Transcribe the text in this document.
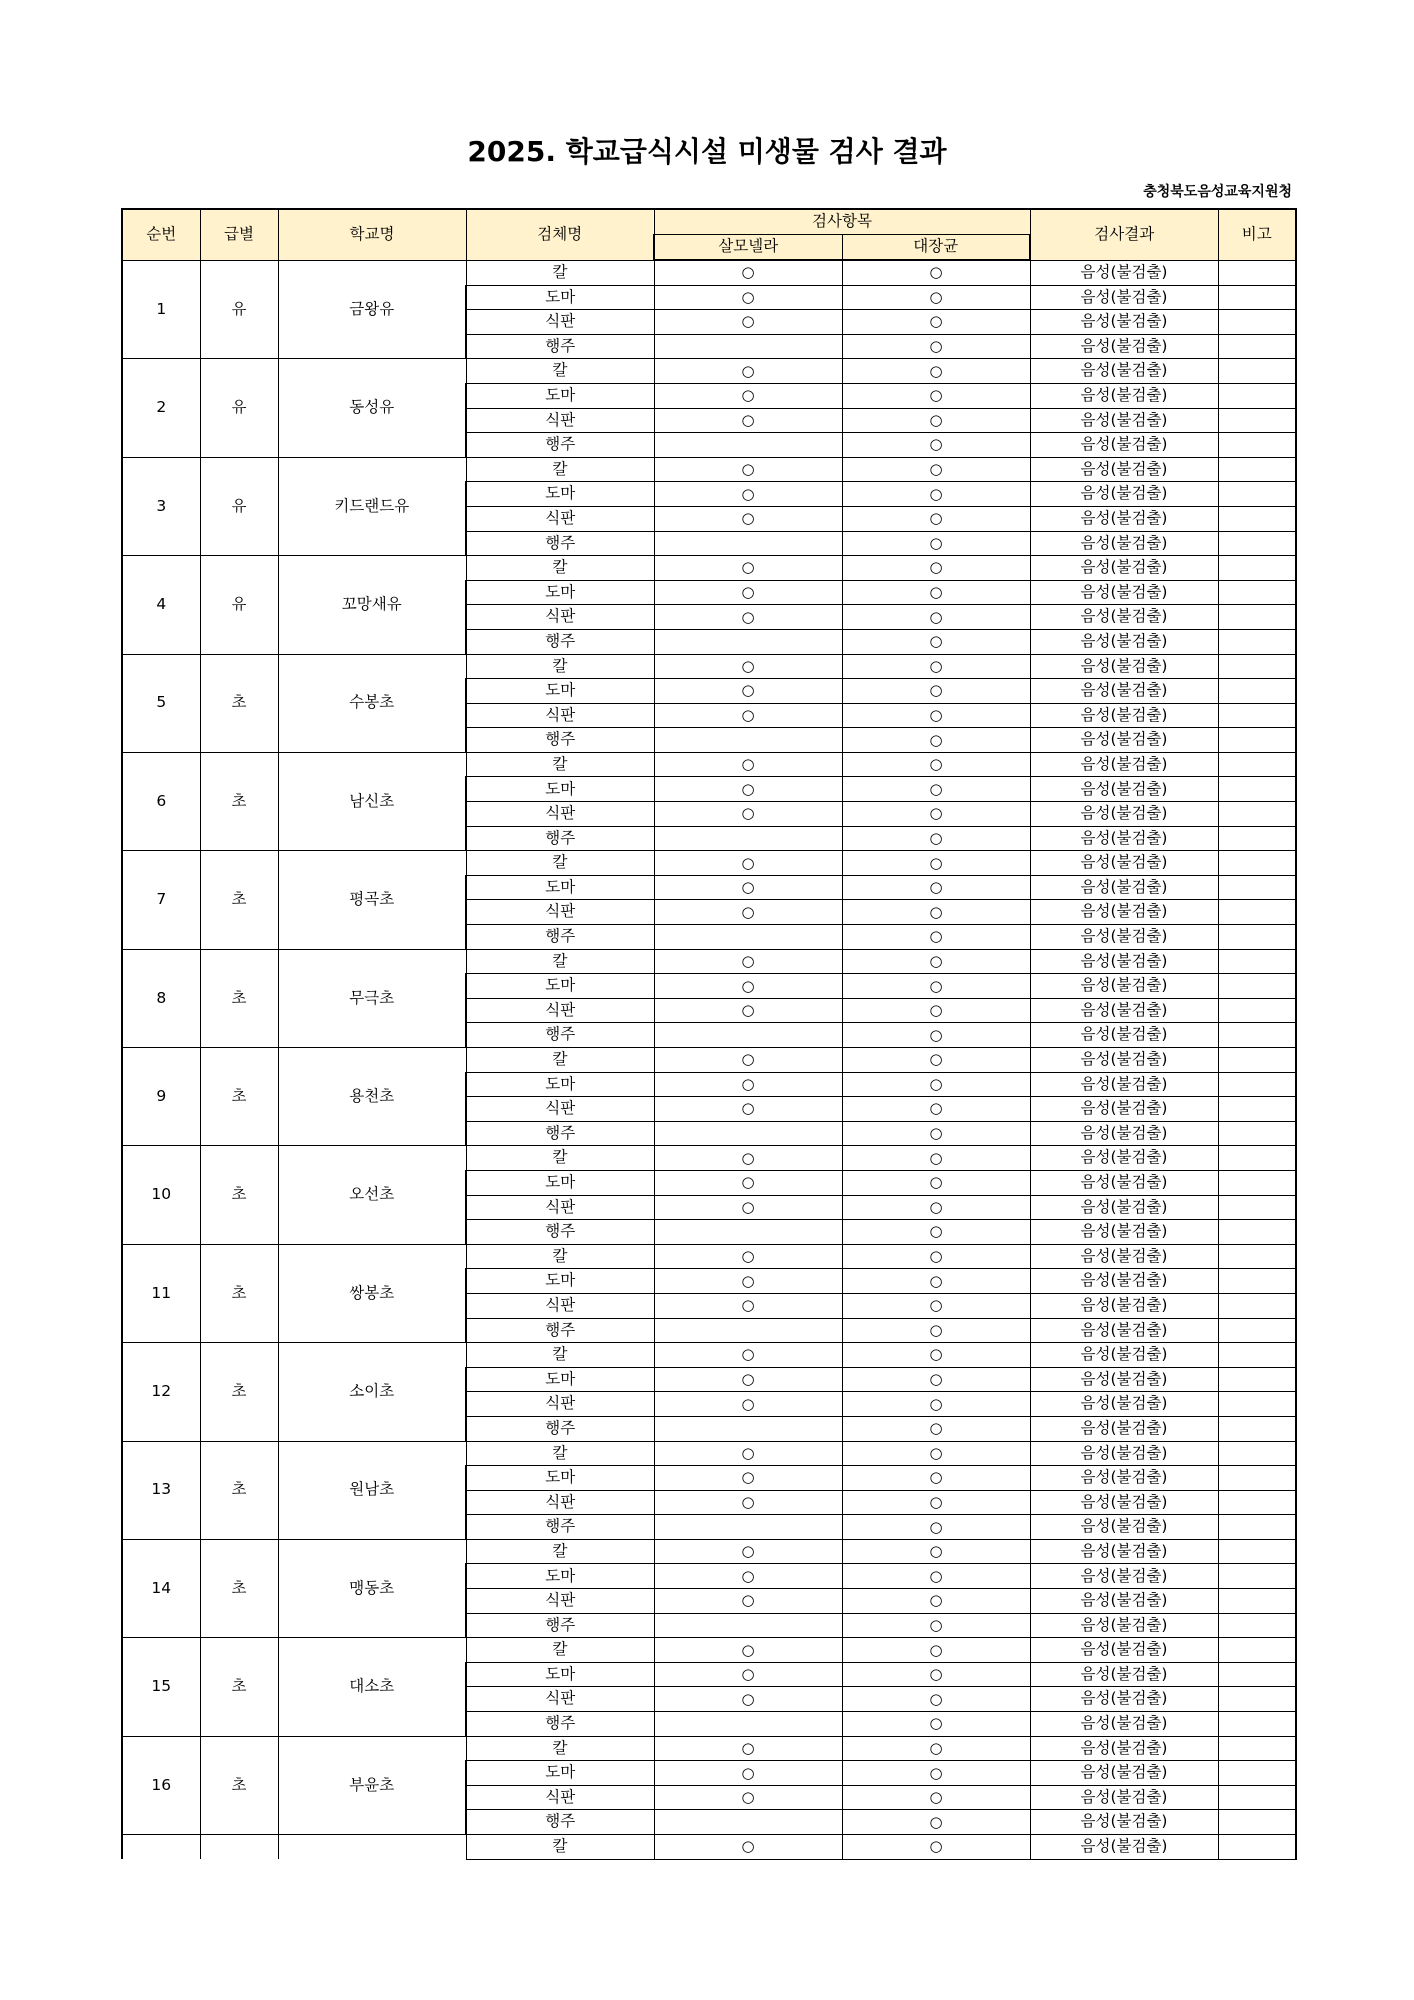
2025. 학교급식시설 미생물 검사 결과
충청북도음성교육지원청
순번	급별	학교명	검체명	검사항목		검사결과	비고
				살모넬라	대장균		
1	유	금왕유	칼	○	○	음성(불검출)	
			도마	○	○	음성(불검출)	
			식판	○	○	음성(불검출)	
			행주		○	음성(불검출)	
2	유	동성유	칼	○	○	음성(불검출)	
			도마	○	○	음성(불검출)	
			식판	○	○	음성(불검출)	
			행주		○	음성(불검출)	
3	유	키드랜드유	칼	○	○	음성(불검출)	
			도마	○	○	음성(불검출)	
			식판	○	○	음성(불검출)	
			행주		○	음성(불검출)	
4	유	꼬망새유	칼	○	○	음성(불검출)	
			도마	○	○	음성(불검출)	
			식판	○	○	음성(불검출)	
			행주		○	음성(불검출)	
5	초	수봉초	칼	○	○	음성(불검출)	
			도마	○	○	음성(불검출)	
			식판	○	○	음성(불검출)	
			행주		○	음성(불검출)	
6	초	남신초	칼	○	○	음성(불검출)	
			도마	○	○	음성(불검출)	
			식판	○	○	음성(불검출)	
			행주		○	음성(불검출)	
7	초	평곡초	칼	○	○	음성(불검출)	
			도마	○	○	음성(불검출)	
			식판	○	○	음성(불검출)	
			행주		○	음성(불검출)	
8	초	무극초	칼	○	○	음성(불검출)	
			도마	○	○	음성(불검출)	
			식판	○	○	음성(불검출)	
			행주		○	음성(불검출)	
9	초	용천초	칼	○	○	음성(불검출)	
			도마	○	○	음성(불검출)	
			식판	○	○	음성(불검출)	
			행주		○	음성(불검출)	
10	초	오선초	칼	○	○	음성(불검출)	
			도마	○	○	음성(불검출)	
			식판	○	○	음성(불검출)	
			행주		○	음성(불검출)	
11	초	쌍봉초	칼	○	○	음성(불검출)	
			도마	○	○	음성(불검출)	
			식판	○	○	음성(불검출)	
			행주		○	음성(불검출)	
12	초	소이초	칼	○	○	음성(불검출)	
			도마	○	○	음성(불검출)	
			식판	○	○	음성(불검출)	
			행주		○	음성(불검출)	
13	초	원남초	칼	○	○	음성(불검출)	
			도마	○	○	음성(불검출)	
			식판	○	○	음성(불검출)	
			행주		○	음성(불검출)	
14	초	맹동초	칼	○	○	음성(불검출)	
			도마	○	○	음성(불검출)	
			식판	○	○	음성(불검출)	
			행주		○	음성(불검출)	
15	초	대소초	칼	○	○	음성(불검출)	
			도마	○	○	음성(불검출)	
			식판	○	○	음성(불검출)	
			행주		○	음성(불검출)	
16	초	부윤초	칼	○	○	음성(불검출)	
			도마	○	○	음성(불검출)	
			식판	○	○	음성(불검출)	
			행주		○	음성(불검출)	
			칼	○	○	음성(불검출)	
